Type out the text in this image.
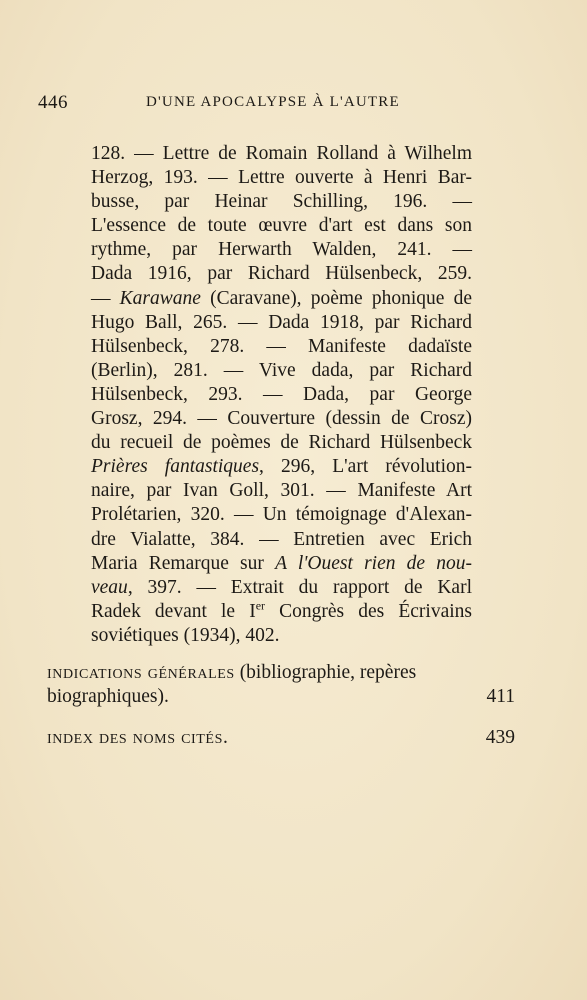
446	D'UNE APOCALYPSE À L'AUTRE
128. — Lettre de Romain Rolland à Wilhelm
Herzog, 193. — Lettre ouverte à Henri Bar-
busse, par Heinar Schilling, 196. —
L'essence de toute œuvre d'art est dans son
rythme, par Herwarth Walden, 241. —
Dada 1916, par Richard Hülsenbeck, 259.
— Karawane (Caravane), poème phonique de
Hugo Ball, 265. — Dada 1918, par Richard
Hülsenbeck, 278. — Manifeste dadaïste
(Berlin), 281. — Vive dada, par Richard
Hülsenbeck, 293. — Dada, par George
Grosz, 294. — Couverture (dessin de Crosz)
du recueil de poèmes de Richard Hülsenbeck
Prières fantastiques, 296, L'art révolution-
naire, par Ivan Goll, 301. — Manifeste Art
Prolétarien, 320. — Un témoignage d'Alexan-
dre Vialatte, 384. — Entretien avec Erich
Maria Remarque sur A l'Ouest rien de nou-
veau, 397. — Extrait du rapport de Karl
Radek devant le Ier Congrès des Écrivains
soviétiques (1934), 402.
indications générales (bibliographie, repères
biographiques).	411
index des noms cités.	439
